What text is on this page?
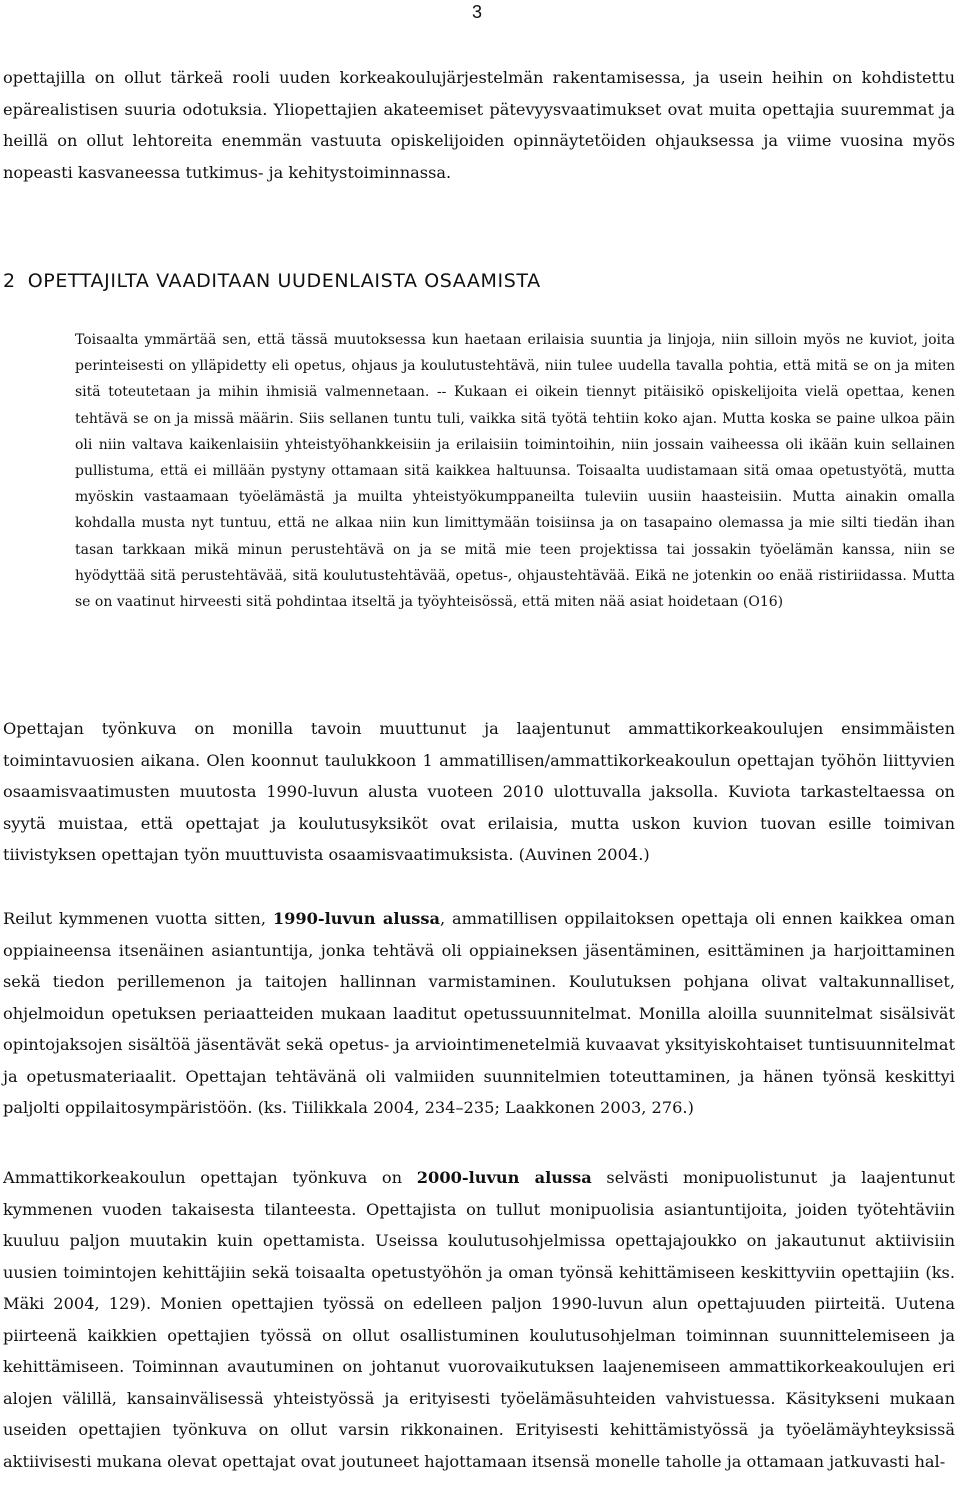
3

opettajilla on ollut tärkeä rooli uuden korkeakoulujärjestelmän rakentamisessa, ja usein heihin on kohdistettu epärealistisen suuria odotuksia. Yliopettajien akateemiset pätevyysvaatimukset ovat muita opettajia suuremmat ja heillä on ollut lehtoreita enemmän vastuuta opiskelijoiden opinnäytetöiden ohjauksessa ja viime vuosina myös nopeasti kasvaneessa tutkimus- ja kehitystoiminnassa.

2 OPETTAJILTA VAADITAAN UUDENLAISTA OSAAMISTA

Toisaalta ymmärtää sen, että tässä muutoksessa kun haetaan erilaisia suuntia ja linjoja, niin silloin myös ne kuviot, joita perinteisesti on ylläpidetty eli opetus, ohjaus ja koulutustehtävä, niin tulee uudella tavalla pohtia, että mitä se on ja miten sitä toteutetaan ja mihin ihmisiä valmennetaan. -- Kukaan ei oikein tiennyt pitäisikö opiskelijoita vielä opettaa, kenen tehtävä se on ja missä määrin. Siis sellanen tuntu tuli, vaikka sitä työtä tehtiin koko ajan. Mutta koska se paine ulkoa päin oli niin valtava kaikenlaisiin yhteistyöhankkeisiin ja erilaisiin toimintoihin, niin jossain vaiheessa oli ikään kuin sellainen pullistuma, että ei millään pystyny ottamaan sitä kaikkea haltuunsa. Toisaalta uudistamaan sitä omaa opetustyötä, mutta myöskin vastaamaan työelämästä ja muilta yhteistyökumppaneilta tuleviin uusiin haasteisiin. Mutta ainakin omalla kohdalla musta nyt tuntuu, että ne alkaa niin kun limittymään toisiinsa ja on tasapaino olemassa ja mie silti tiedän ihan tasan tarkkaan mikä minun perustehtävä on ja se mitä mie teen projektissa tai jossakin työelämän kanssa, niin se hyödyttää sitä perustehtävää, sitä koulutustehtävää, opetus-, ohjaustehtävää. Eikä ne jotenkin oo enää ristiriidassa. Mutta se on vaatinut hirveesti sitä pohdintaa itseltä ja työyhteisössä, että miten nää asiat hoidetaan (O16)

Opettajan työnkuva on monilla tavoin muuttunut ja laajentunut ammattikorkeakoulujen ensimmäisten toimintavuosien aikana. Olen koonnut taulukkoon 1 ammatillisen/ammattikorkeakoulun opettajan työhön liittyvien osaamisvaatimusten muutosta 1990-luvun alusta vuoteen 2010 ulottuvalla jaksolla. Kuviota tarkasteltaessa on syytä muistaa, että opettajat ja koulutusyksiköt ovat erilaisia, mutta uskon kuvion tuovan esille toimivan tiivistyksen opettajan työn muuttuvista osaamisvaatimuksista. (Auvinen 2004.)

Reilut kymmenen vuotta sitten, 1990-luvun alussa, ammatillisen oppilaitoksen opettaja oli ennen kaikkea oman oppiaineensa itsenäinen asiantuntija, jonka tehtävä oli oppiaineksen jäsentäminen, esittäminen ja harjoittaminen sekä tiedon perillemenon ja taitojen hallinnan varmistaminen. Koulutuksen pohjana olivat valtakunnalliset, ohjelmoidun opetuksen periaatteiden mukaan laaditut opetussuunnitelmat. Monilla aloilla suunnitelmat sisälsivät opintojaksojen sisältöä jäsentävät sekä opetus- ja arviointimenetelmiä kuvaavat yksityiskohtaiset tuntisuunnitelmat ja opetusmateriaalit. Opettajan tehtävänä oli valmiiden suunnitelmien toteuttaminen, ja hänen työnsä keskittyi paljolti oppilaitosympäristöön. (ks. Tiilikkala 2004, 234–235; Laakkonen 2003, 276.)

Ammattikorkeakoulun opettajan työnkuva on 2000-luvun alussa selvästi monipuolistunut ja laajentunut kymmenen vuoden takaisesta tilanteesta. Opettajista on tullut monipuolisia asiantuntijoita, joiden työtehtäviin kuuluu paljon muutakin kuin opettamista. Useissa koulutusohjelmissa opettajajoukko on jakautunut aktiivisiin uusien toimintojen kehittäjiin sekä toisaalta opetustyöhön ja oman työnsä kehittämiseen keskittyviin opettajiin (ks. Mäki 2004, 129). Monien opettajien työssä on edelleen paljon 1990-luvun alun opettajuuden piirteitä. Uutena piirteenä kaikkien opettajien työssä on ollut osallistuminen koulutusohjelman toiminnan suunnittelemiseen ja kehittämiseen. Toiminnan avautuminen on johtanut vuorovaikutuksen laajenemiseen ammattikorkeakoulujen eri alojen välillä, kansainvälisessä yhteistyössä ja erityisesti työelämäsuhteiden vahvistuessa. Käsitykseni mukaan useiden opettajien työnkuva on ollut varsin rikkonainen. Erityisesti kehittämistyössä ja työelämäyhteyksissä aktiivisesti mukana olevat opettajat ovat joutuneet hajottamaan itsensä monelle taholle ja ottamaan jatkuvasti hal-
